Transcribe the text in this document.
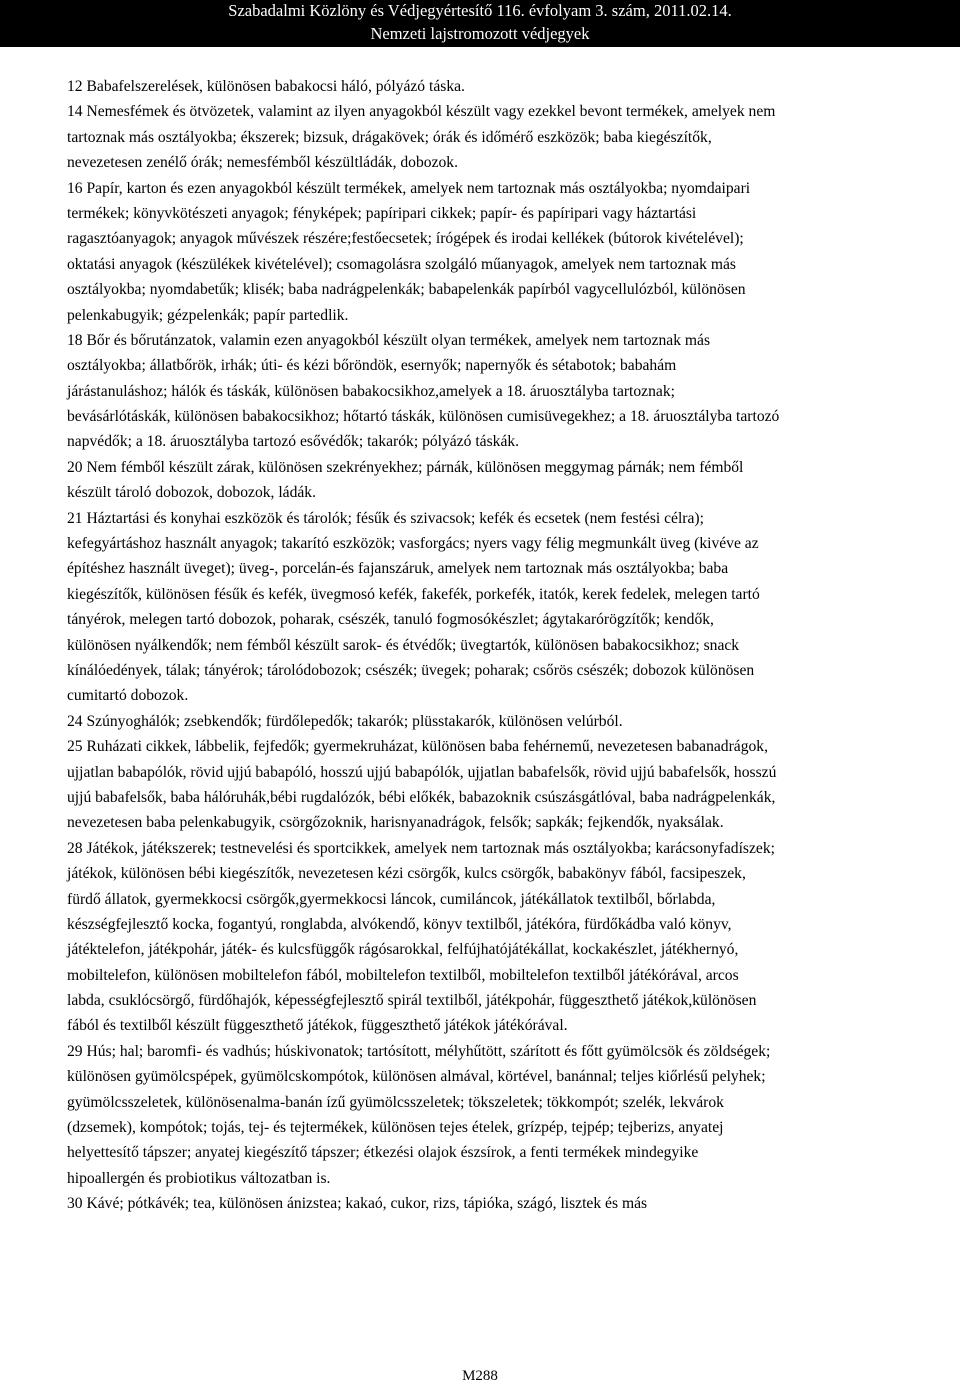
Szabadalmi Közlöny és Védjegyértesítő 116. évfolyam 3. szám, 2011.02.14.
Nemzeti lajstromozott védjegyek
12 Babafelszerelések, különösen babakocsi háló, pólyázó táska.
14 Nemesfémek és ötvözetek, valamint az ilyen anyagokból készült vagy ezekkel bevont termékek, amelyek nem
tartoznak más osztályokba; ékszerek; bizsuk, drágakövek; órák és időmérő eszközök; baba kiegészítők,
nevezetesen zenélő órák; nemesfémből készültládák, dobozok.
16 Papír, karton és ezen anyagokból készült termékek, amelyek nem tartoznak más osztályokba; nyomdaipari
termékek; könyvkötészeti anyagok; fényképek; papíripari cikkek; papír- és papíripari vagy háztartási
ragasztóanyagok; anyagok művészek részére;festőecsetek; írógépek és irodai kellékek (bútorok kivételével);
oktatási anyagok (készülékek kivételével); csomagolásra szolgáló műanyagok, amelyek nem tartoznak más
osztályokba; nyomdabetűk; klisék; baba nadrágpelenkák; babapelenkák papírból vagycellulózból, különösen
pelenkabugyik; gézpelenkák; papír partedlik.
18 Bőr és bőrutánzatok, valamin ezen anyagokból készült olyan termékek, amelyek nem tartoznak más
osztályokba; állatbőrök, irhák; úti- és kézi bőröndök, esernyők; napernyők és sétabotok; babahám
járástanuláshoz; hálók és táskák, különösen babakocsikhoz,amelyek a 18. áruosztályba tartoznak;
bevásárlótáskák, különösen babakocsikhoz; hőtartó táskák, különösen cumisüvegekhez; a 18. áruosztályba tartozó
napvédők; a 18. áruosztályba tartozó esővédők; takarók; pólyázó táskák.
20 Nem fémből készült zárak, különösen szekrényekhez; párnák, különösen meggymag párnák; nem fémből
készült tároló dobozok, dobozok, ládák.
21 Háztartási és konyhai eszközök és tárolók; fésűk és szivacsok; kefék és ecsetek (nem festési célra);
kefegyártáshoz használt anyagok; takarító eszközök; vasforgács; nyers vagy félig megmunkált üveg (kivéve az
építéshez használt üveget); üveg-, porcelán-és fajanszáruk, amelyek nem tartoznak más osztályokba; baba
kiegészítők, különösen fésűk és kefék, üvegmosó kefék, fakefék, porkefék, itatók, kerek fedelek, melegen tartó
tányérok, melegen tartó dobozok, poharak, csészék, tanuló fogmosókészlet; ágytakarórögzítők; kendők,
különösen nyálkendők; nem fémből készült sarok- és étvédők; üvegtartók, különösen babakocsikhoz; snack
kínálóedények, tálak; tányérok; tárolódobozok; csészék; üvegek; poharak; csőrös csészék; dobozok különösen
cumitartó dobozok.
24 Szúnyoghálók; zsebkendők; fürdőlepedők; takarók; plüsstakarók, különösen velúrból.
25 Ruházati cikkek, lábbelik, fejfedők; gyermekruházat, különösen baba fehérnemű, nevezetesen babanadrágok,
ujjatlan babapólók, rövid ujjú babapóló, hosszú ujjú babapólók, ujjatlan babafelsők, rövid ujjú babafelsők, hosszú
ujjú babafelsők, baba hálóruhák,bébi rugdalózók, bébi előkék, babazoknik csúszásgátlóval, baba nadrágpelenkák,
nevezetesen baba pelenkabugyik, csörgőzoknik, harisnyanadrágok, felsők; sapkák; fejkendők, nyaksálak.
28 Játékok, játékszerek; testnevelési és sportcikkek, amelyek nem tartoznak más osztályokba; karácsonyfadíszek;
játékok, különösen bébi kiegészítők, nevezetesen kézi csörgők, kulcs csörgők, babakönyv fából, facsipeszek,
fürdő állatok, gyermekkocsi csörgők,gyermekkocsi láncok, cumiláncok, játékállatok textilből, bőrlabda,
készségfejlesztő kocka, fogantyú, ronglabda, alvókendő, könyv textilből, játékóra, fürdőkádba való könyv,
játéktelefon, játékpohár, játék- és kulcsfüggők rágósarokkal, felfújhatójátékállat, kockakészlet, játékhernyó,
mobiltelefon, különösen mobiltelefon fából, mobiltelefon textilből, mobiltelefon textilből játékórával, arcos
labda, csuklócsörgő, fürdőhajók, képességfejlesztő spirál textilből, játékpohár, függeszthető játékok,különösen
fából és textilből készült függeszthető játékok, függeszthető játékok játékórával.
29 Hús; hal; baromfi- és vadhús; húskivonatok; tartósított, mélyhűtött, szárított és főtt gyümölcsök és zöldségek;
különösen gyümölcspépek, gyümölcskompótok, különösen almával, körtével, banánnal; teljes kiőrlésű pelyhek;
gyümölcsszeletek, különösenalma-banán ízű gyümölcsszeletek; tökszeletek; tökkompót; szelék, lekvárok
(dzsemek), kompótok; tojás, tej- és tejtermékek, különösen tejes ételek, grízpép, tejpép; tejberizs, anyatej
helyettesítő tápszer; anyatej kiegészítő tápszer; étkezési olajok észsírok, a fenti termékek mindegyike
hipoallergén és probiotikus változatban is.
30 Kávé; pótkávék; tea, különösen ánizstea; kakaó, cukor, rizs, tápióka, szágó, lisztek és más
M288
